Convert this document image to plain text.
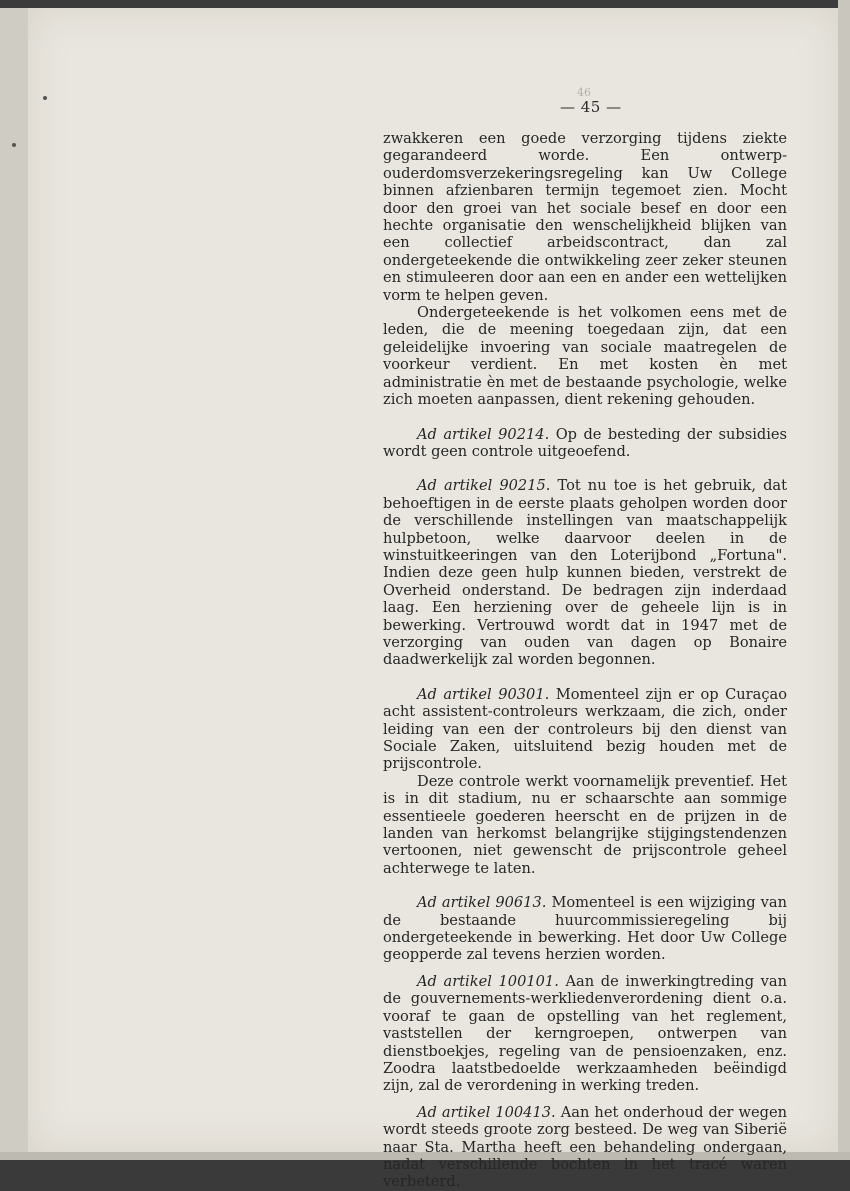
46
— 45 —

zwakkeren een goede verzorging tijdens ziekte gegarandeerd worde. Een ontwerp-ouderdomsverzekeringsregeling kan Uw College binnen afzienbaren termijn tegemoet zien. Mocht door den groei van het sociale besef en door een hechte organisatie den wenschelijkheid blijken van een collectief arbeidscontract, dan zal ondergeteekende die ontwikkeling zeer zeker steunen en stimuleeren door aan een en ander een wettelijken vorm te helpen geven.

Ondergeteekende is het volkomen eens met de leden, die de meening toegedaan zijn, dat een geleidelijke invoering van sociale maatregelen de voorkeur verdient. En met kosten èn met administratie èn met de bestaande psychologie, welke zich moeten aanpassen, dient rekening gehouden.

Ad artikel 90214. Op de besteding der subsidies wordt geen controle uitgeoefend.

Ad artikel 90215. Tot nu toe is het gebruik, dat behoeftigen in de eerste plaats geholpen worden door de verschillende instellingen van maatschappelijk hulpbetoon, welke daarvoor deelen in de winstuitkeeringen van den Loterijbond „Fortuna". Indien deze geen hulp kunnen bieden, verstrekt de Overheid onderstand. De bedragen zijn inderdaad laag. Een herziening over de geheele lijn is in bewerking. Vertrouwd wordt dat in 1947 met de verzorging van ouden van dagen op Bonaire daadwerkelijk zal worden begonnen.

Ad artikel 90301. Momenteel zijn er op Curaçao acht assistent-controleurs werkzaam, die zich, onder leiding van een der controleurs bij den dienst van Sociale Zaken, uitsluitend bezig houden met de prijscontrole.

Deze controle werkt voornamelijk preventief. Het is in dit stadium, nu er schaarschte aan sommige essentieele goederen heerscht en de prijzen in de landen van herkomst belangrijke stijgingstendenzen vertoonen, niet gewenscht de prijscontrole geheel achterwege te laten.

Ad artikel 90613. Momenteel is een wijziging van de bestaande huurcommissieregeling bij ondergeteekende in bewerking. Het door Uw College geopperde zal tevens herzien worden.

Ad artikel 100101. Aan de inwerkingtreding van de gouvernements-werkliedenverordening dient o.a. vooraf te gaan de opstelling van het reglement, vaststellen der kerngroepen, ontwerpen van dienstboekjes, regeling van de pensioenzaken, enz. Zoodra laatstbedoelde werkzaamheden beëindigd zijn, zal de verordening in werking treden.

Ad artikel 100413. Aan het onderhoud der wegen wordt steeds groote zorg besteed. De weg van Siberië naar Sta. Martha heeft een behandeling ondergaan, nadat verschillende bochten in het tracé waren verbeterd.
